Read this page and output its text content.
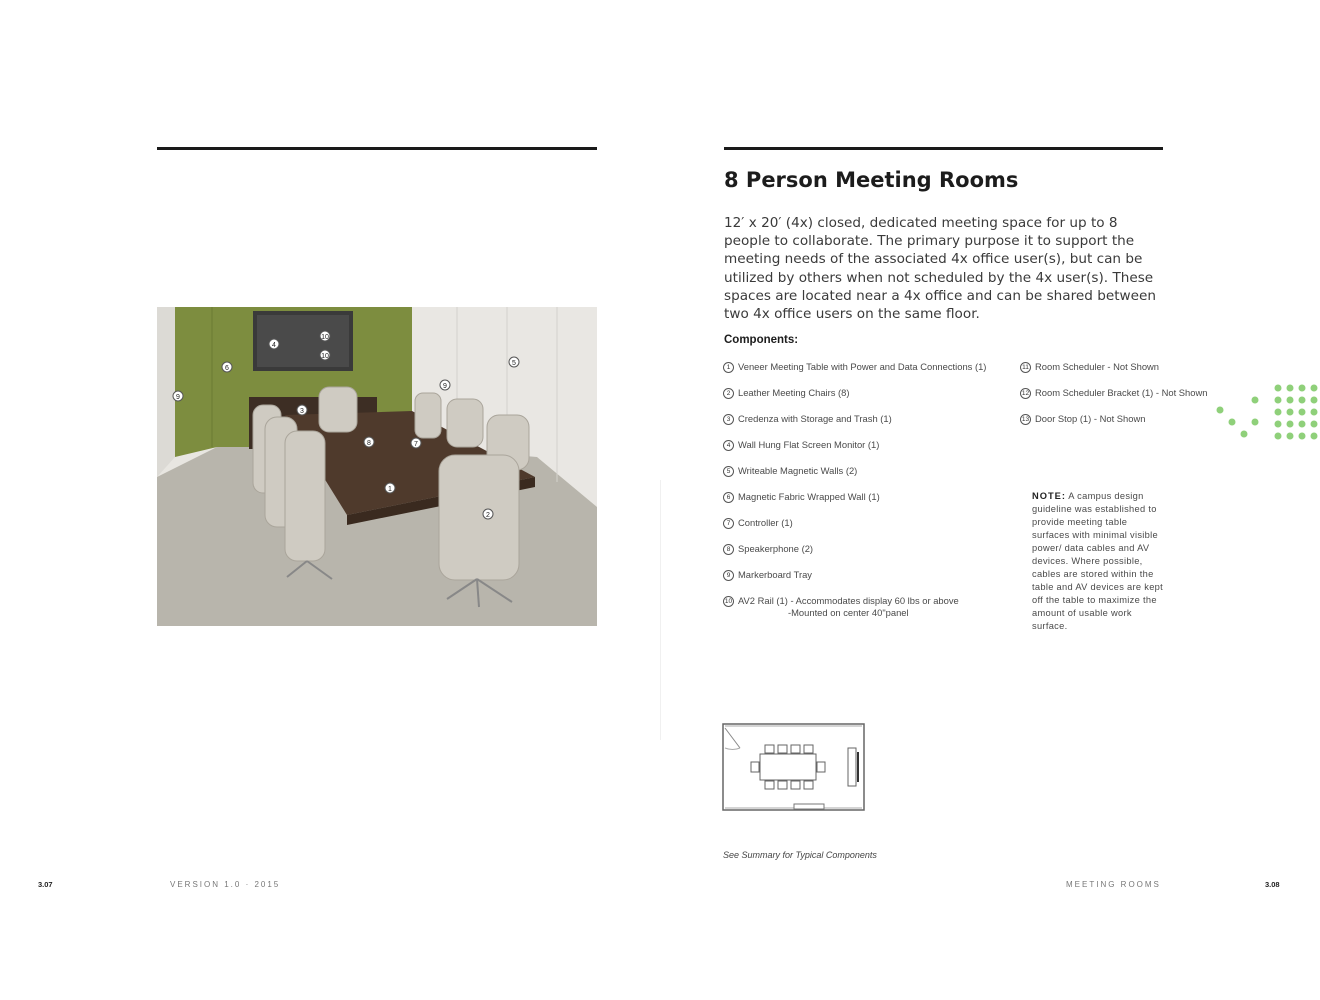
1
2
3
4
5
6
7
8
9
9
10
10
8 Person Meeting Rooms
12′ x 20′ (4x) closed, dedicated meeting space for up to 8 people to collaborate. The primary purpose it to support the meeting needs of the associated 4x office user(s), but can be utilized by others when not scheduled by the 4x user(s). These spaces are located near a 4x office and can be shared between two 4x office users on the same floor.
Components:
1 Veneer Meeting Table with Power and Data Connections (1)
2 Leather Meeting Chairs (8)
3 Credenza with Storage and Trash (1)
4 Wall Hung Flat Screen Monitor (1)
5 Writeable Magnetic Walls (2)
6 Magnetic Fabric Wrapped Wall (1)
7 Controller (1)
8 Speakerphone (2)
9 Markerboard Tray
10 AV2 Rail (1) - Accommodates display 60 lbs or above
-Mounted on center 40"panel
11 Room Scheduler - Not Shown
12 Room Scheduler Bracket (1) - Not Shown
13 Door Stop (1) - Not Shown
NOTE: A campus design guideline was established to provide meeting table surfaces with minimal visible power/ data cables and AV devices. Where possible, cables are stored within the table and AV devices are kept off the table to maximize the amount of usable work surface.
See Summary for Typical Components
3.07	VERSION 1.0 · 2015	MEETING ROOMS	3.08
